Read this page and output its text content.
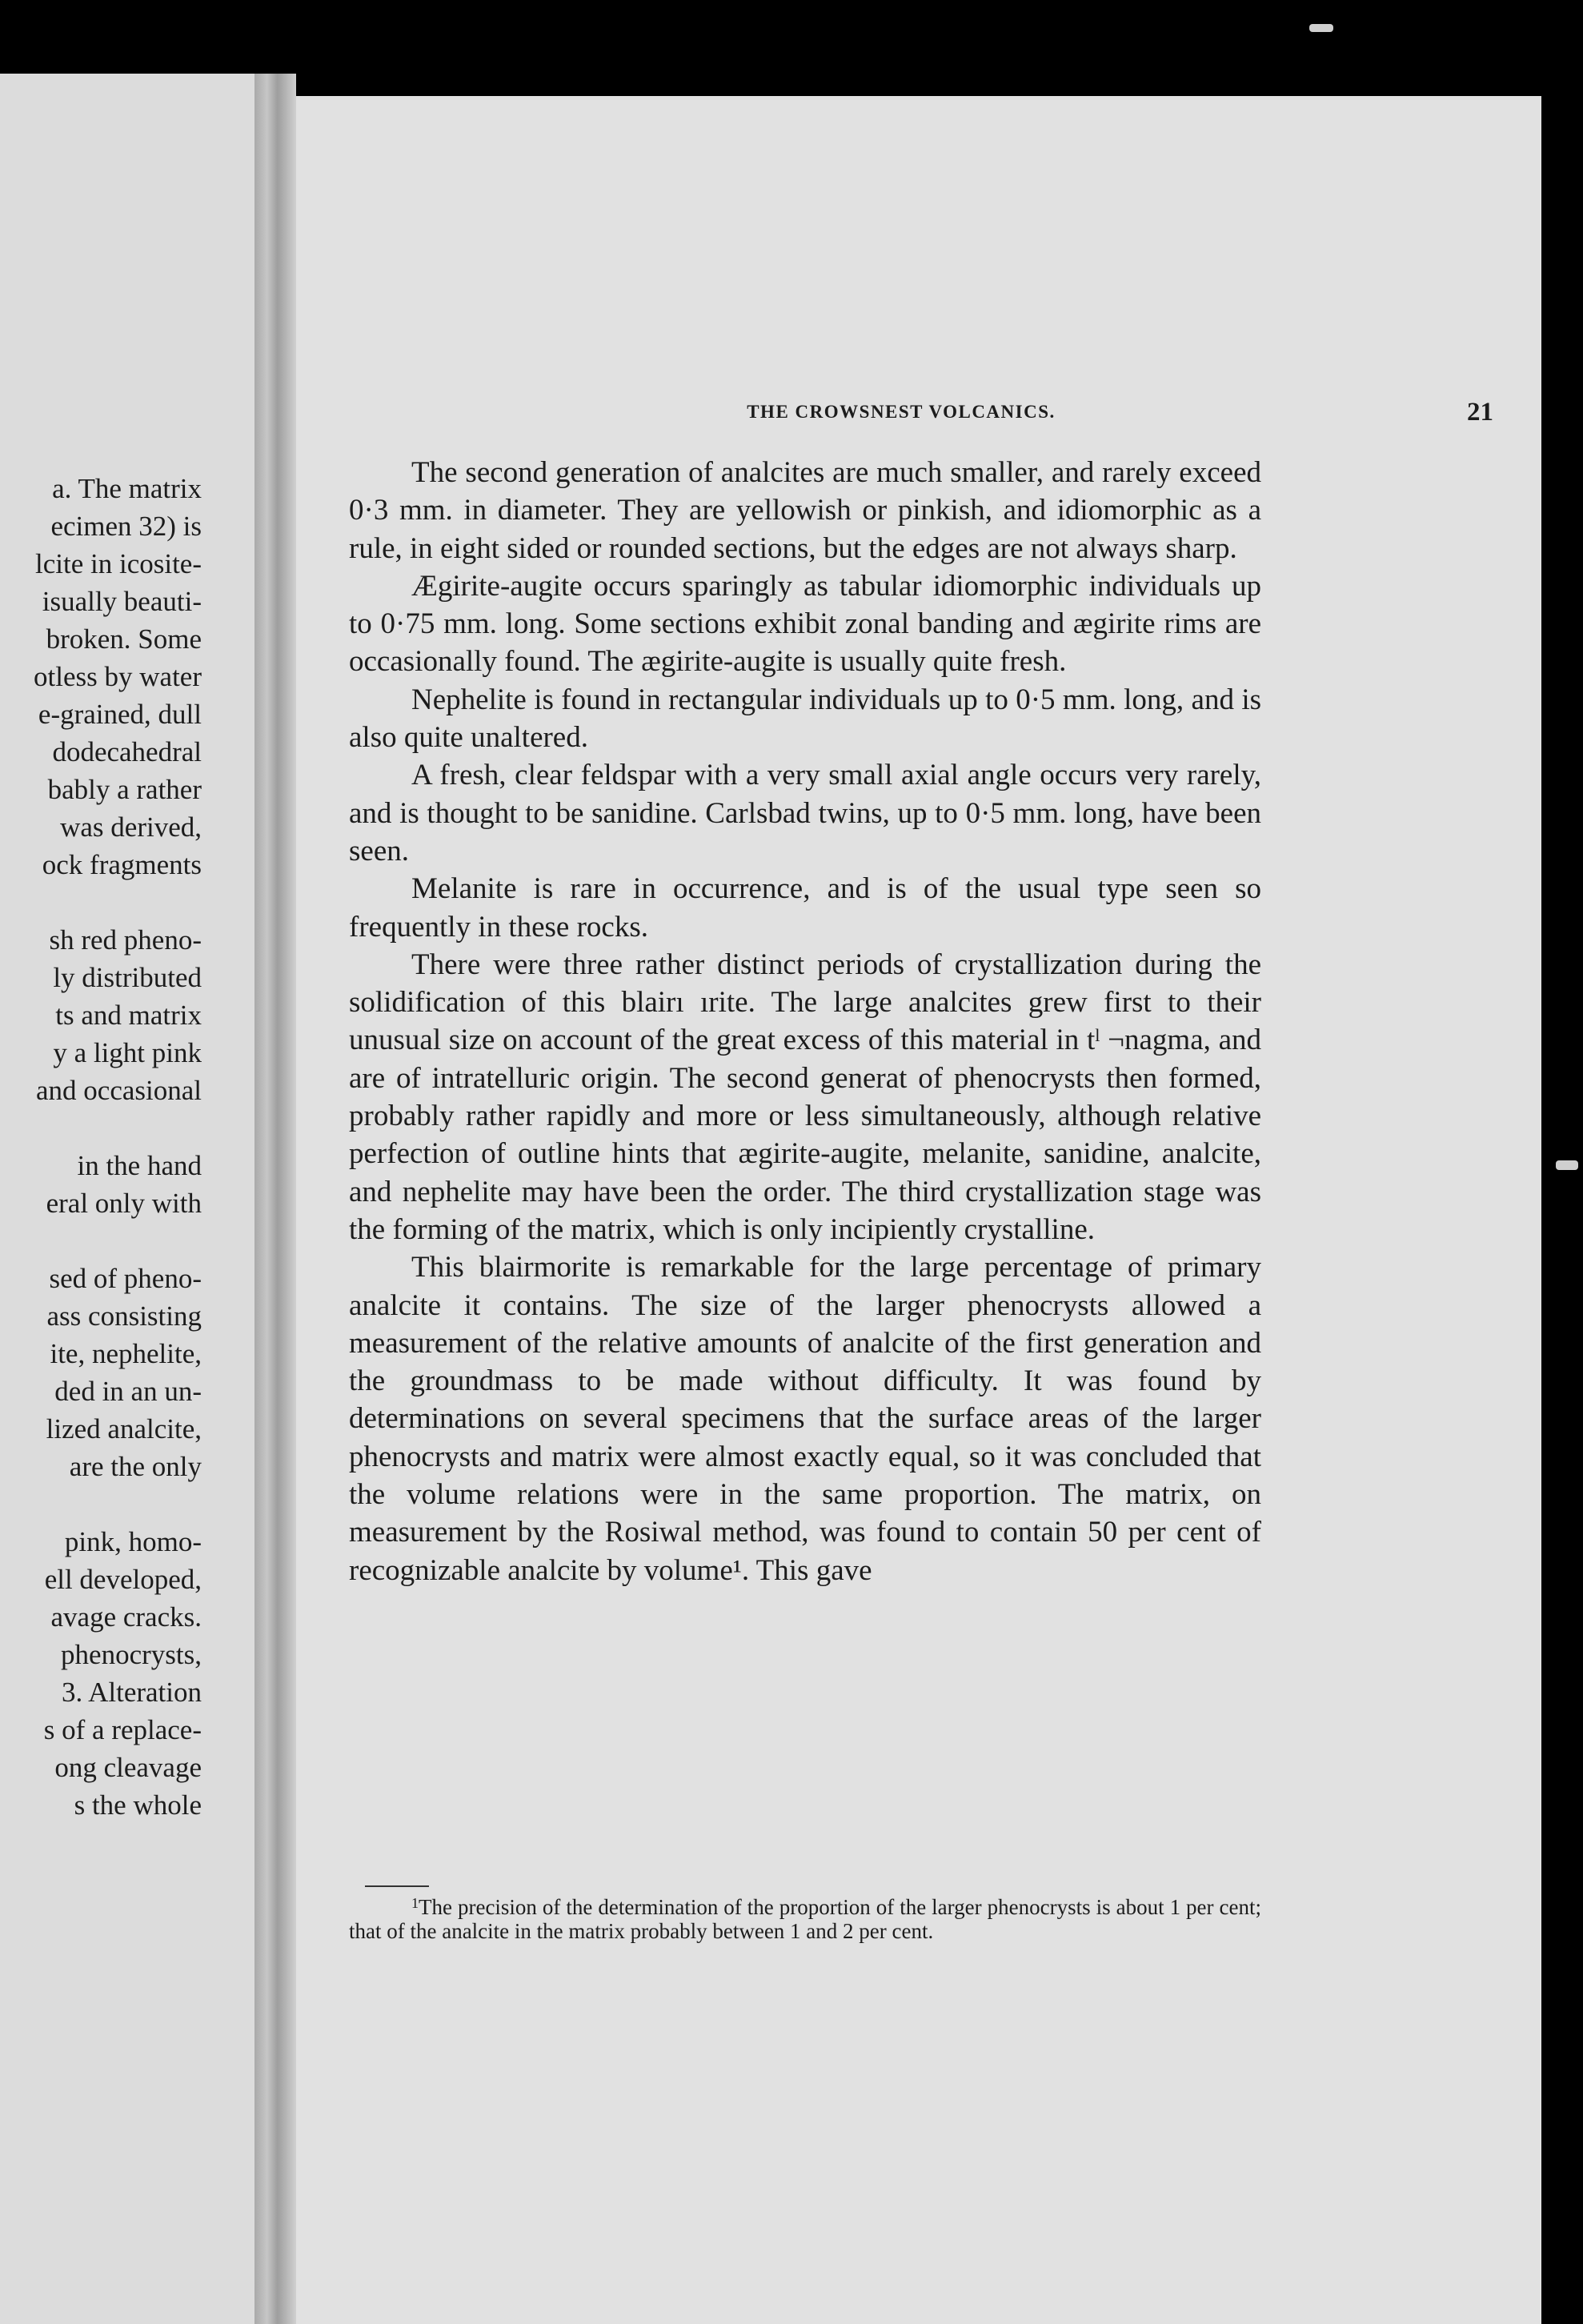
a. The matrix
ecimen 32) is
lcite in icosite-
isually beauti-
broken. Some
otless by water
e-grained, dull
dodecahedral
bably a rather
was derived,
ock fragments
sh red pheno-
ly distributed
ts and matrix
y a light pink
and occasional
in the hand
eral only with
sed of pheno-
ass consisting
ite, nephelite,
ded in an un-
lized analcite,
are the only
pink, homo-
ell developed,
avage cracks.
phenocrysts,
3. Alteration
s of a replace-
ong cleavage
s the whole
THE CROWSNEST VOLCANICS.	21

The second generation of analcites are much smaller, and rarely exceed 0·3 mm. in diameter. They are yellowish or pinkish, and idiomorphic as a rule, in eight sided or rounded sections, but the edges are not always sharp.

Ægirite-augite occurs sparingly as tabular idiomorphic individuals up to 0·75 mm. long. Some sections exhibit zonal banding and ægirite rims are occasionally found. The ægirite-augite is usually quite fresh.

Nephelite is found in rectangular individuals up to 0·5 mm. long, and is also quite unaltered.

A fresh, clear feldspar with a very small axial angle occurs very rarely, and is thought to be sanidine. Carlsbad twins, up to 0·5 mm. long, have been seen.

Melanite is rare in occurrence, and is of the usual type seen so frequently in these rocks.

There were three rather distinct periods of crystallization during the solidification of this blairı ırite. The large analcites grew first to their unusual size on account of the great excess of this material in tˡ ¬nagma, and are of intratelluric origin. The second generat of phenocrysts then formed, probably rather rapidly and more or less simultaneously, although relative perfection of outline hints that ægirite-augite, melanite, sanidine, analcite, and nephelite may have been the order. The third crystallization stage was the forming of the matrix, which is only incipiently crystalline.

This blairmorite is remarkable for the large percentage of primary analcite it contains. The size of the larger phenocrysts allowed a measurement of the relative amounts of analcite of the first generation and the groundmass to be made without difficulty. It was found by determinations on several specimens that the surface areas of the larger phenocrysts and matrix were almost exactly equal, so it was concluded that the volume relations were in the same proportion. The matrix, on measurement by the Rosiwal method, was found to contain 50 per cent of recognizable analcite by volume¹. This gave

$^1$The precision of the determination of the proportion of the larger phenocrysts is about 1 per cent; that of the analcite in the matrix probably between 1 and 2 per cent.
